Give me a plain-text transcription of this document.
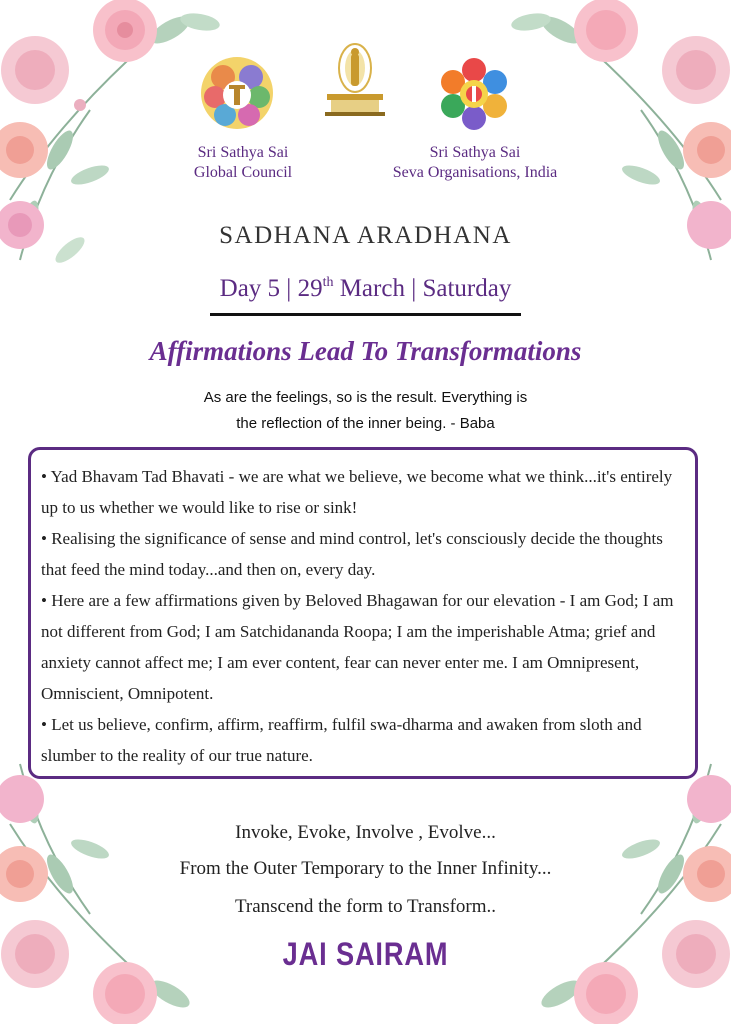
Sri Sathya Sai
Global Council
Sri Sathya Sai
Seva Organisations, India
SADHANA ARADHANA
Day 5 | 29th March | Saturday
Affirmations Lead To Transformations
As are the feelings, so is the result. Everything is
the reflection of the inner being. - Baba

• Yad Bhavam Tad Bhavati - we are what we believe, we become what we think...it's entirely up to us whether we would like to rise or sink!

• Realising the significance of sense and mind control, let's consciously decide the thoughts that feed the mind today...and then on, every day.

• Here are a few affirmations given by Beloved Bhagawan for our elevation - I am God; I am not different from God; I am Satchidananda Roopa; I am the imperishable Atma; grief and anxiety cannot affect me; I am ever content, fear can never enter me. I am Omnipresent, Omniscient, Omnipotent.

• Let us believe, confirm, affirm, reaffirm, fulfil swa-dharma and awaken from sloth and slumber to the reality of our true nature.

Invoke, Evoke, Involve , Evolve...
From the Outer Temporary to the Inner Infinity...
Transcend the form to Transform..
JAI SAIRAM
